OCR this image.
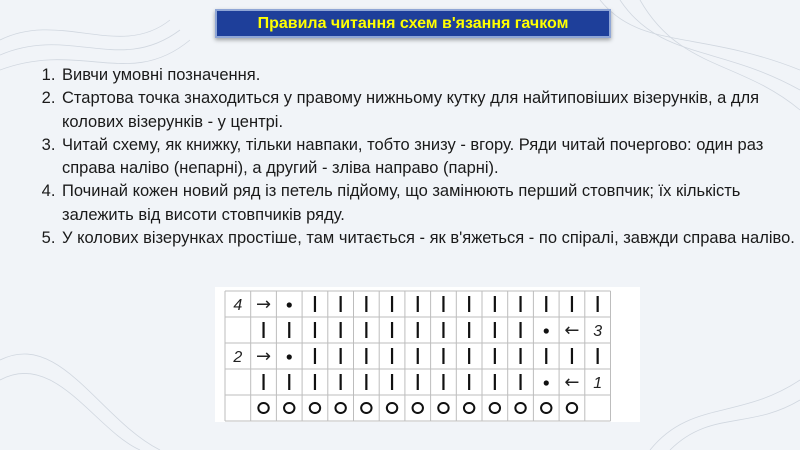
Правила читання схем в'язання гачком
1. Вивчи умовні позначення.
2. Стартова точка знаходиться у правому нижньому кутку для найтиповіших візерунків, а для колових візерунків - у центрі.
3. Читай схему, як книжку, тільки навпаки, тобто знизу - вгору. Ряди читай почергово: один раз справа наліво (непарні), а другий - зліва направо (парні).
4. Починай кожен новий ряд із петель підйому, що замінюють перший стовпчик; їх кількість залежить від висоти стовпчиків ряду.
5. У колових візерунках простіше, там читається - як в'яжеться - по спіралі, завжди справа наліво.
4 →
← 3
2 →
← 1
